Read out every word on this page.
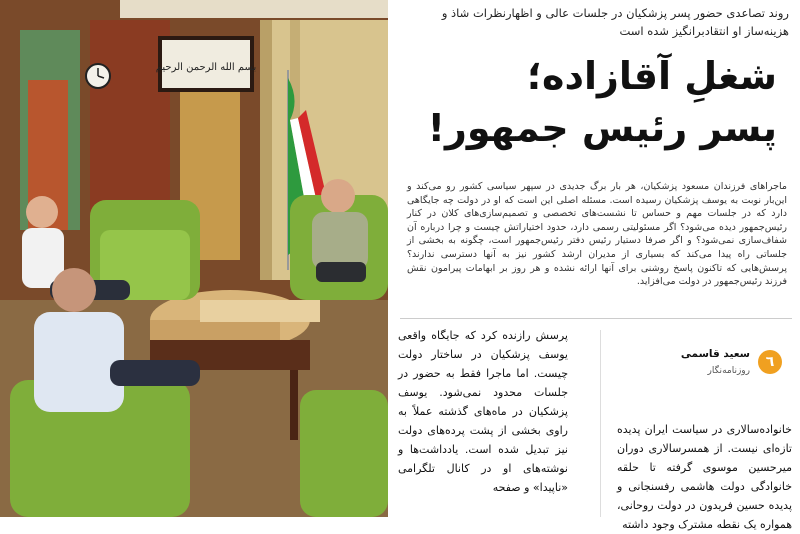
بسم الله الرحمن الرحیم
روند تصاعدی حضور پسر پزشکیان در جلسات عالی و اظهارنظرات شاذ و هزینه‌ساز او انتقادبرانگیز شده است
شغلِ آقازاده؛
پسر رئیس جمهور!
ماجراهای فرزندان مسعود پزشکیان، هر بار برگ جدیدی در سپهر سیاسی کشور رو می‌کند و این‌بار نوبت به یوسف پزشکیان رسیده است. مسئله اصلی این است که او در دولت چه جایگاهی دارد که در جلسات مهم و حساس تا نشست‌های تخصصی و تصمیم‌سازی‌های کلان در کنار رئیس‌جمهور دیده می‌شود؟ اگر مسئولیتی رسمی دارد، حدود اختیاراتش چیست و چرا درباره آن شفاف‌سازی نمی‌شود؟ و اگر صرفا دستیار رئیس دفتر رئیس‌جمهور است، چگونه به بخشی از جلساتی راه پیدا می‌کند که بسیاری از مدیران ارشد کشور نیز به آنها دسترسی ندارند؟ پرسش‌هایی که تاکنون پاسخ روشنی برای آنها ارائه نشده و هر روز بر ابهامات پیرامون نقش فرزند رئیس‌جمهور در دولت می‌افزاید.
٦
سعید قاسمی
روزنامه‌نگار

خانواده‌سالاری در سیاست ایران پدیده تازه‌ای نیست. از همسرسالاری دوران میرحسین موسوی گرفته تا حلقه خانوادگی دولت هاشمی رفسنجانی و پدیده حسین فریدون در دولت روحانی، همواره یک نقطه مشترک وجود داشته

پرسش رازنده کرد که جایگاه واقعی یوسف پزشکیان در ساختار دولت چیست. اما ماجرا فقط به حضور در جلسات محدود نمی‌شود. یوسف پزشکیان در ماه‌های گذشته عملاً به راوی بخشی از پشت پرده‌های دولت نیز تبدیل شده است. یادداشت‌ها و نوشته‌های او در کانال تلگرامی «ناپیدا» و صفحه
